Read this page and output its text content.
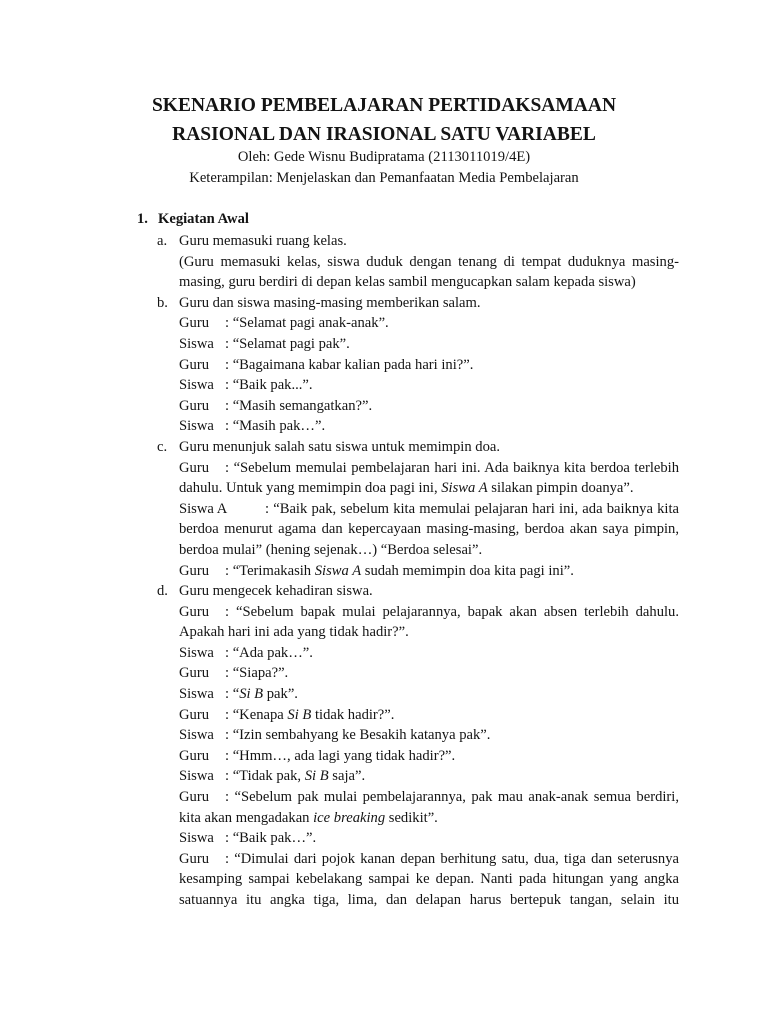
SKENARIO PEMBELAJARAN PERTIDAKSAMAAN
RASIONAL DAN IRASIONAL SATU VARIABEL

Oleh: Gede Wisnu Budipratama (2113011019/4E)

Keterampilan: Menjelaskan dan Pemanfaatan Media Pembelajaran

1. Kegiatan Awal

a. Guru memasuki ruang kelas.

(Guru memasuki kelas, siswa duduk dengan tenang di tempat duduknya masing-masing, guru berdiri di depan kelas sambil mengucapkan salam kepada siswa)

b. Guru dan siswa masing-masing memberikan salam.

Guru : “Selamat pagi anak-anak”.

Siswa : “Selamat pagi pak”.

Guru : “Bagaimana kabar kalian pada hari ini?”.

Siswa : “Baik pak...”.

Guru : “Masih semangatkan?”.

Siswa : “Masih pak…”.

c. Guru menunjuk salah satu siswa untuk memimpin doa.

Guru : “Sebelum memulai pembelajaran hari ini. Ada baiknya kita berdoa terlebih dahulu. Untuk yang memimpin doa pagi ini, Siswa A silakan pimpin doanya”.

Siswa A	: “Baik pak, sebelum kita memulai pelajaran hari ini, ada baiknya kita berdoa menurut agama dan kepercayaan masing-masing, berdoa akan saya pimpin, berdoa mulai” (hening sejenak…) “Berdoa selesai”.

Guru : “Terimakasih Siswa A sudah memimpin doa kita pagi ini”.

d. Guru mengecek kehadiran siswa.

Guru : “Sebelum bapak mulai pelajarannya, bapak akan absen terlebih dahulu. Apakah hari ini ada yang tidak hadir?”.

Siswa : “Ada pak…”.

Guru : “Siapa?”.

Siswa : “Si B pak”.

Guru : “Kenapa Si B tidak hadir?”.

Siswa : “Izin sembahyang ke Besakih katanya pak”.

Guru : “Hmm…, ada lagi yang tidak hadir?”.

Siswa : “Tidak pak, Si B saja”.

Guru : “Sebelum pak mulai pembelajarannya, pak mau anak-anak semua berdiri, kita akan mengadakan ice breaking sedikit”.

Siswa : “Baik pak…”.

Guru : “Dimulai dari pojok kanan depan berhitung satu, dua, tiga dan seterusnya kesamping sampai kebelakang sampai ke depan. Nanti pada hitungan yang angka satuannya itu angka tiga, lima, dan delapan harus bertepuk tangan, selain itu
